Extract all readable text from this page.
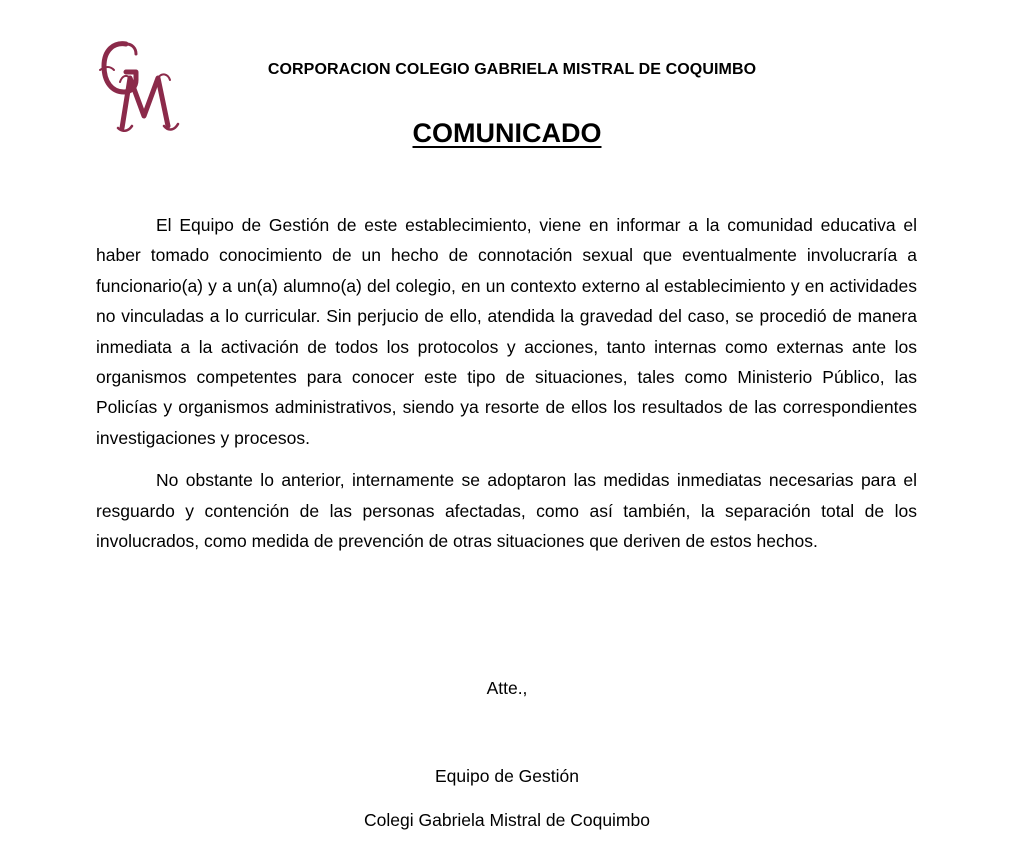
CORPORACION COLEGIO GABRIELA MISTRAL DE COQUIMBO
COMUNICADO

El Equipo de Gestión de este establecimiento, viene en informar a la comunidad educativa el haber tomado conocimiento de un hecho de connotación sexual que eventualmente involucraría a funcionario(a) y a un(a) alumno(a) del colegio, en un contexto externo al establecimiento y en actividades no vinculadas a lo curricular. Sin perjucio de ello, atendida la gravedad del caso, se procedió de manera inmediata a la activación de todos los protocolos y acciones, tanto internas como externas ante los organismos competentes para conocer este tipo de situaciones, tales como Ministerio Público, las Policías y organismos administrativos, siendo ya resorte de ellos los resultados de las correspondientes investigaciones y procesos.

No obstante lo anterior, internamente se adoptaron las medidas inmediatas necesarias para el resguardo y contención de las personas afectadas, como así también, la separación total de los involucrados, como medida de prevención de otras situaciones que deriven de estos hechos.

Atte.,
Equipo de Gestión
Colegi Gabriela Mistral de Coquimbo
